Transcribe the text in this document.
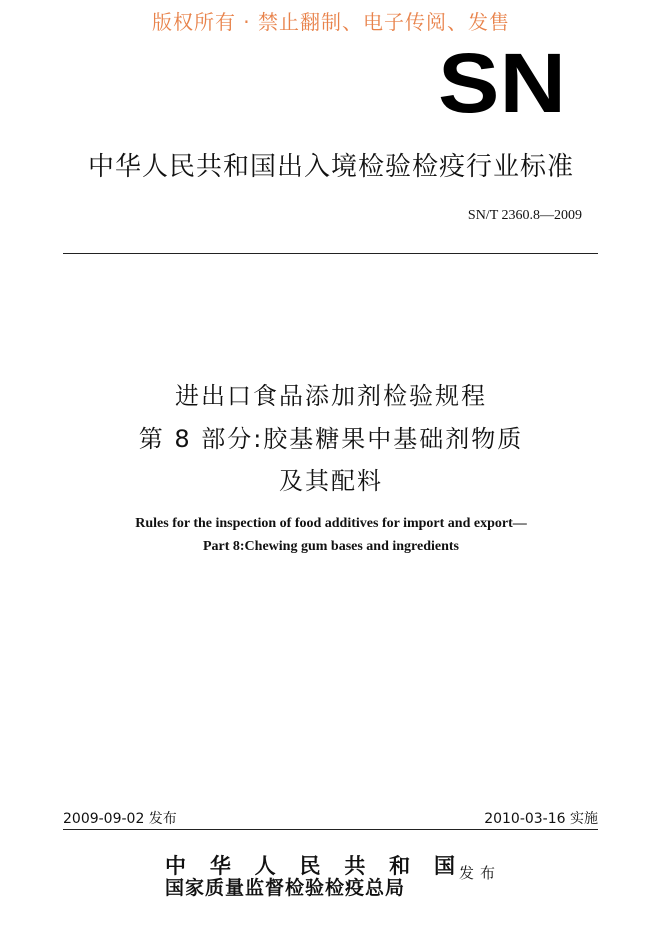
版权所有 · 禁止翻制、电子传阅、发售
SN
中华人民共和国出入境检验检疫行业标准
SN/T 2360.8—2009
进出口食品添加剂检验规程
第 8 部分:胶基糖果中基础剂物质
及其配料
Rules for the inspection of food additives for import and export—
Part 8:Chewing gum bases and ingredients
2009-09-02 发布	2010-03-16 实施
中 华 人 民 共 和 国
国家质量监督检验检疫总局
发布
